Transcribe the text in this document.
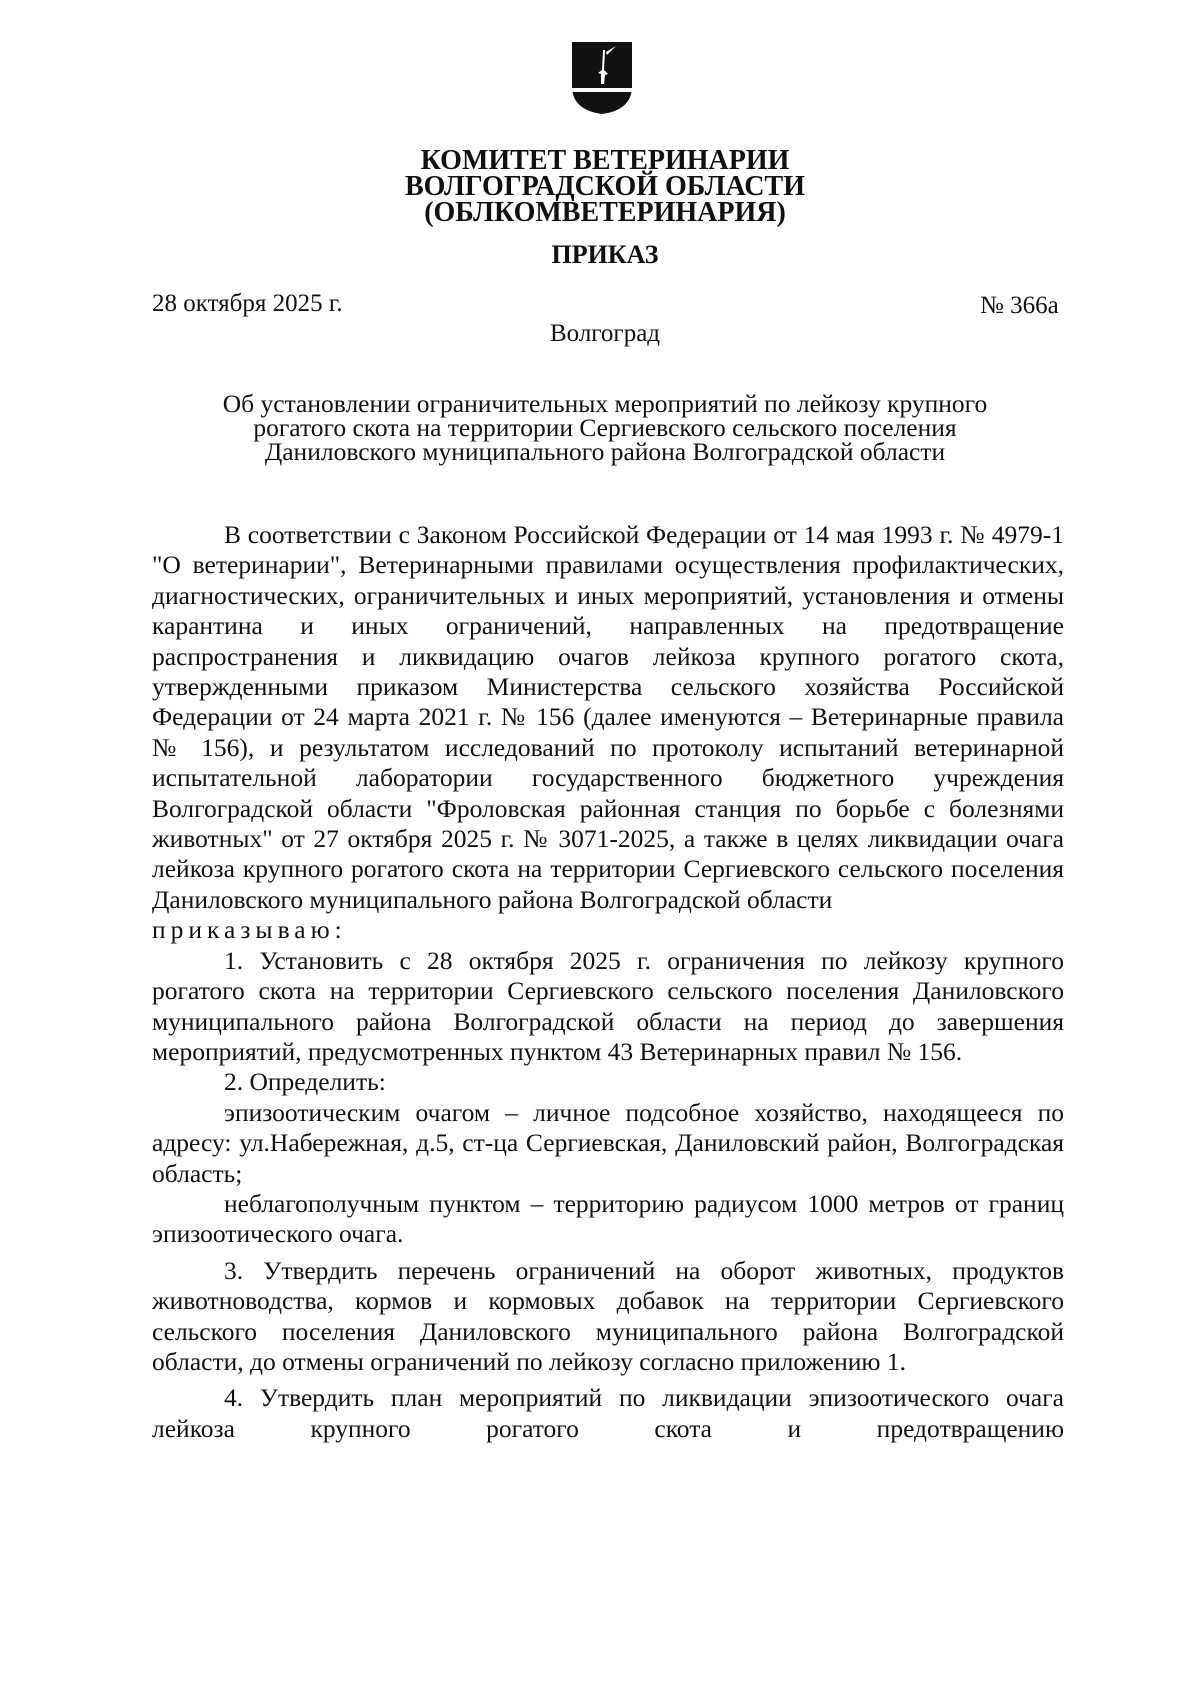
КОМИТЕТ ВЕТЕРИНАРИИ
ВОЛГОГРАДСКОЙ ОБЛАСТИ
(ОБЛКОМВЕТЕРИНАРИЯ)
ПРИКАЗ
28 октября 2025 г.	№ 366а
Волгоград
Об установлении ограничительных мероприятий по лейкозу крупного
рогатого скота на территории Сергиевского сельского поселения
Даниловского муниципального района Волгоградской области

В соответствии с Законом Российской Федерации от 14 мая 1993 г. № 4979-1 "О ветеринарии", Ветеринарными правилами осуществления профилактических, диагностических, ограничительных и иных мероприятий, установления и отмены карантина и иных ограничений, направленных на предотвращение распространения и ликвидацию очагов лейкоза крупного рогатого скота, утвержденными приказом Министерства сельского хозяйства Российской Федерации от 24 марта 2021 г. № 156 (далее именуются – Ветеринарные правила № 156), и результатом исследований по протоколу испытаний ветеринарной испытательной лаборатории государственного бюджетного учреждения Волгоградской области "Фроловская районная станция по борьбе с болезнями животных" от 27 октября 2025 г. № 3071-2025, а также в целях ликвидации очага лейкоза крупного рогатого скота на территории Сергиевского сельского поселения Даниловского муниципального района Волгоградской области

приказываю:

1. Установить с 28 октября 2025 г. ограничения по лейкозу крупного рогатого скота на территории Сергиевского сельского поселения Даниловского муниципального района Волгоградской области на период до завершения мероприятий, предусмотренных пунктом 43 Ветеринарных правил № 156.

2. Определить:

эпизоотическим очагом – личное подсобное хозяйство, находящееся по адресу: ул.Набережная, д.5, ст-ца Сергиевская, Даниловский район, Волгоградская область;

неблагополучным пунктом – территорию радиусом 1000 метров от границ эпизоотического очага.

3. Утвердить перечень ограничений на оборот животных, продуктов животноводства, кормов и кормовых добавок на территории Сергиевского сельского поселения Даниловского муниципального района Волгоградской области, до отмены ограничений по лейкозу согласно приложению 1.

4. Утвердить план мероприятий по ликвидации эпизоотического очага лейкоза крупного рогатого скота и предотвращению
